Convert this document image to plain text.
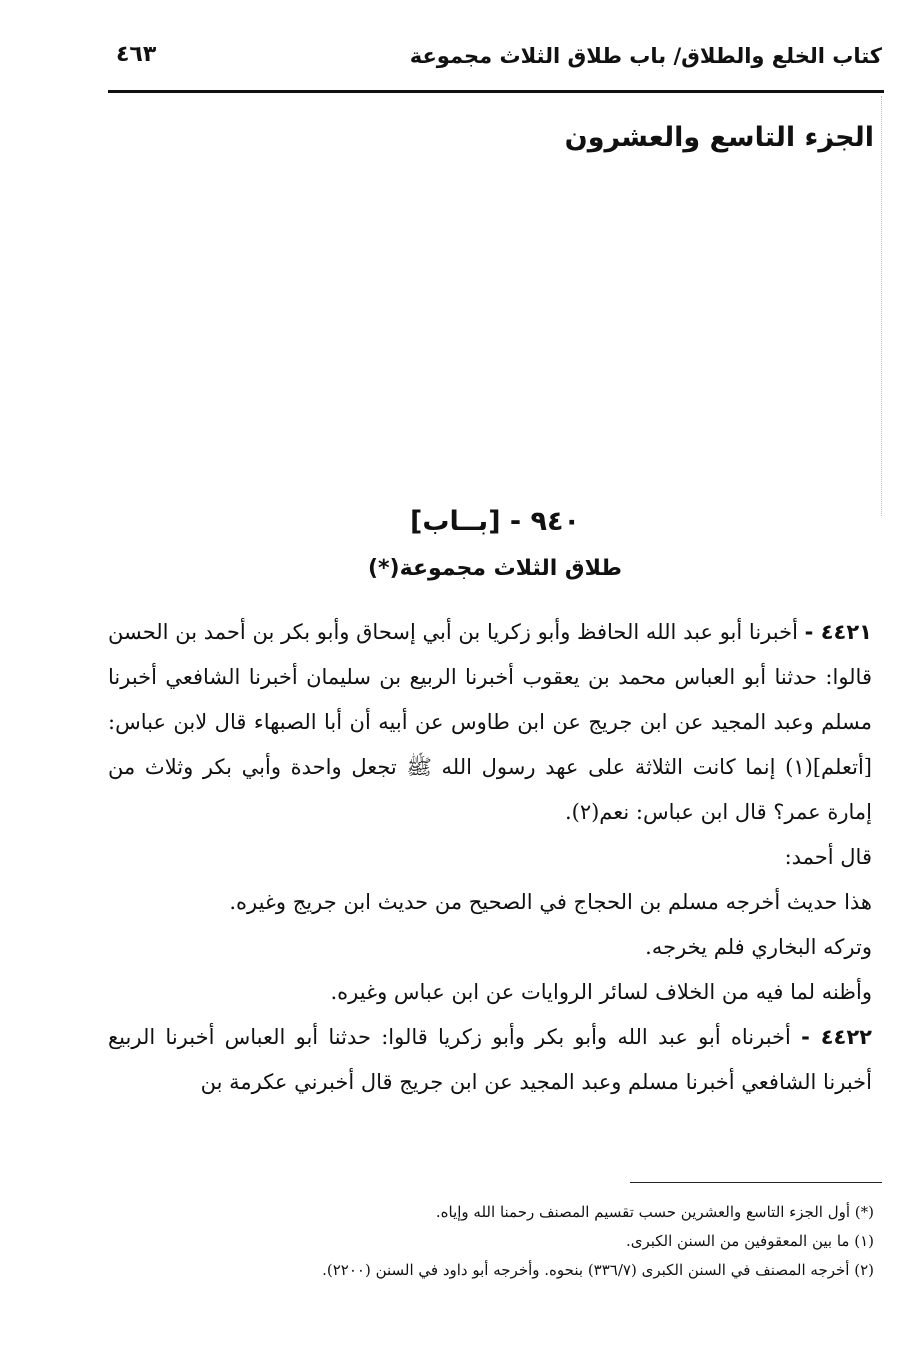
كتاب الخلع والطلاق/ باب طلاق الثلاث مجموعة
٤٦٣
الجزء التاسع والعشرون
٩٤٠ - [بــاب]
طلاق الثلاث مجموعة(*)

٤٤٢١ - أخبرنا أبو عبد الله الحافظ وأبو زكريا بن أبي إسحاق وأبو بكر بن أحمد بن الحسن قالوا: حدثنا أبو العباس محمد بن يعقوب أخبرنا الربيع بن سليمان أخبرنا الشافعي أخبرنا مسلم وعبد المجيد عن ابن جريج عن ابن طاوس عن أبيه أن أبا الصبهاء قال لابن عباس: [أتعلم](١) إنما كانت الثلاثة على عهد رسول الله ﷺ تجعل واحدة وأبي بكر وثلاث من إمارة عمر؟ قال ابن عباس: نعم(٢).

قال أحمد:

هذا حديث أخرجه مسلم بن الحجاج في الصحيح من حديث ابن جريج وغيره.

وتركه البخاري فلم يخرجه.

وأظنه لما فيه من الخلاف لسائر الروايات عن ابن عباس وغيره.

٤٤٢٢ - أخبرناه أبو عبد الله وأبو بكر وأبو زكريا قالوا: حدثنا أبو العباس أخبرنا الربيع أخبرنا الشافعي أخبرنا مسلم وعبد المجيد عن ابن جريج قال أخبرني عكرمة بن

(*) أول الجزء التاسع والعشرين حسب تقسيم المصنف رحمنا الله وإياه.
(١) ما بين المعقوفين من السنن الكبرى.
(٢) أخرجه المصنف في السنن الكبرى (٣٣٦/٧) بنحوه. وأخرجه أبو داود في السنن (٢٢٠٠).
